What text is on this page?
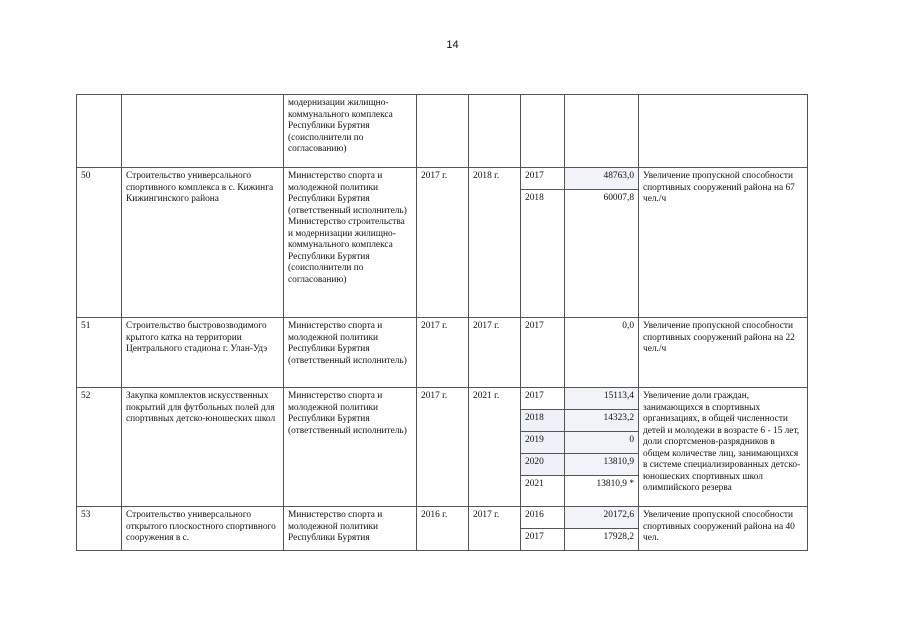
14
		модернизации жилищно-коммунального комплекса Республики Бурятия (соисполнители по согласованию)					
50	Строительство универсального спортивного комплекса в с. Кижинга Кижингинского района	Министерство спорта и молодежной политики Республики Бурятия (ответственный исполнитель) Министерство строительства и модернизации жилищно-коммунального комплекса Республики Бурятия (соисполнители по согласованию)	2017 г.	2018 г.	2017	48763,0	Увеличение пропускной способности спортивных сооружений района на 67 чел./ч
					2018	60007,8	
51	Строительство быстровозводимого крытого катка на территории Центрального стадиона г. Улан-Удэ	Министерство спорта и молодежной политики Республики Бурятия (ответственный исполнитель)	2017 г.	2017 г.	2017	0,0	Увеличение пропускной способности спортивных сооружений района на 22 чел./ч
52	Закупка комплектов искусственных покрытий для футбольных полей для спортивных детско-юношеских школ	Министерство спорта и молодежной политики Республики Бурятия (ответственный исполнитель)	2017 г.	2021 г.	2017	15113,4	Увеличение доли граждан, занимающихся в спортивных организациях, в общей численности детей и молодежи в возрасте 6 - 15 лет, доли спортсменов-разрядников в общем количестве лиц, занимающихся в системе специализированных детско-юношеских спортивных школ олимпийского резерва
					2018	14323,2	
					2019	0	
					2020	13810,9	
					2021	13810,9 *	
53	Строительство универсального открытого плоскостного спортивного сооружения в с.	Министерство спорта и молодежной политики Республики Бурятия	2016 г.	2017 г.	2016	20172,6	Увеличение пропускной способности спортивных сооружений района на 40 чел.
					2017	17928,2	
